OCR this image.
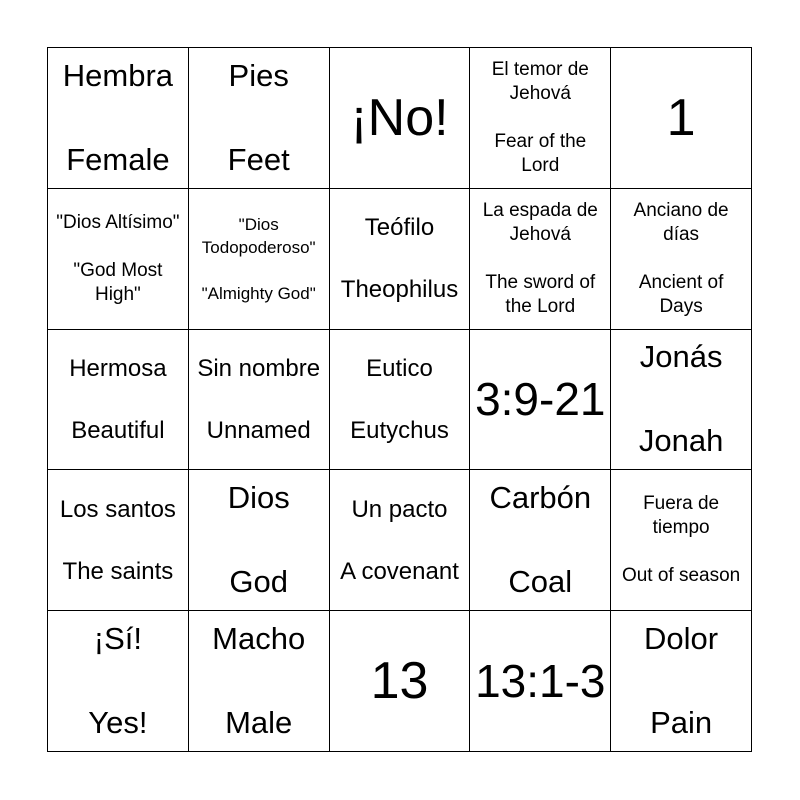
Hembra

Female
Pies

Feet
¡No!
El temor de Jehová

Fear of the Lord
1
"Dios Altísimo"

"God Most High"
"Dios Todopoderoso"

"Almighty God"
Teófilo

Theophilus
La espada de Jehová

The sword of the Lord
Anciano de días

Ancient of Days
Hermosa

Beautiful
Sin nombre

Unnamed
Eutico

Eutychus
3:9-21
Jonás

Jonah
Los santos

The saints
Dios

God
Un pacto

A covenant
Carbón

Coal
Fuera de tiempo

Out of season
¡Sí!

Yes!
Macho

Male
13	13:1-3
Dolor

Pain
